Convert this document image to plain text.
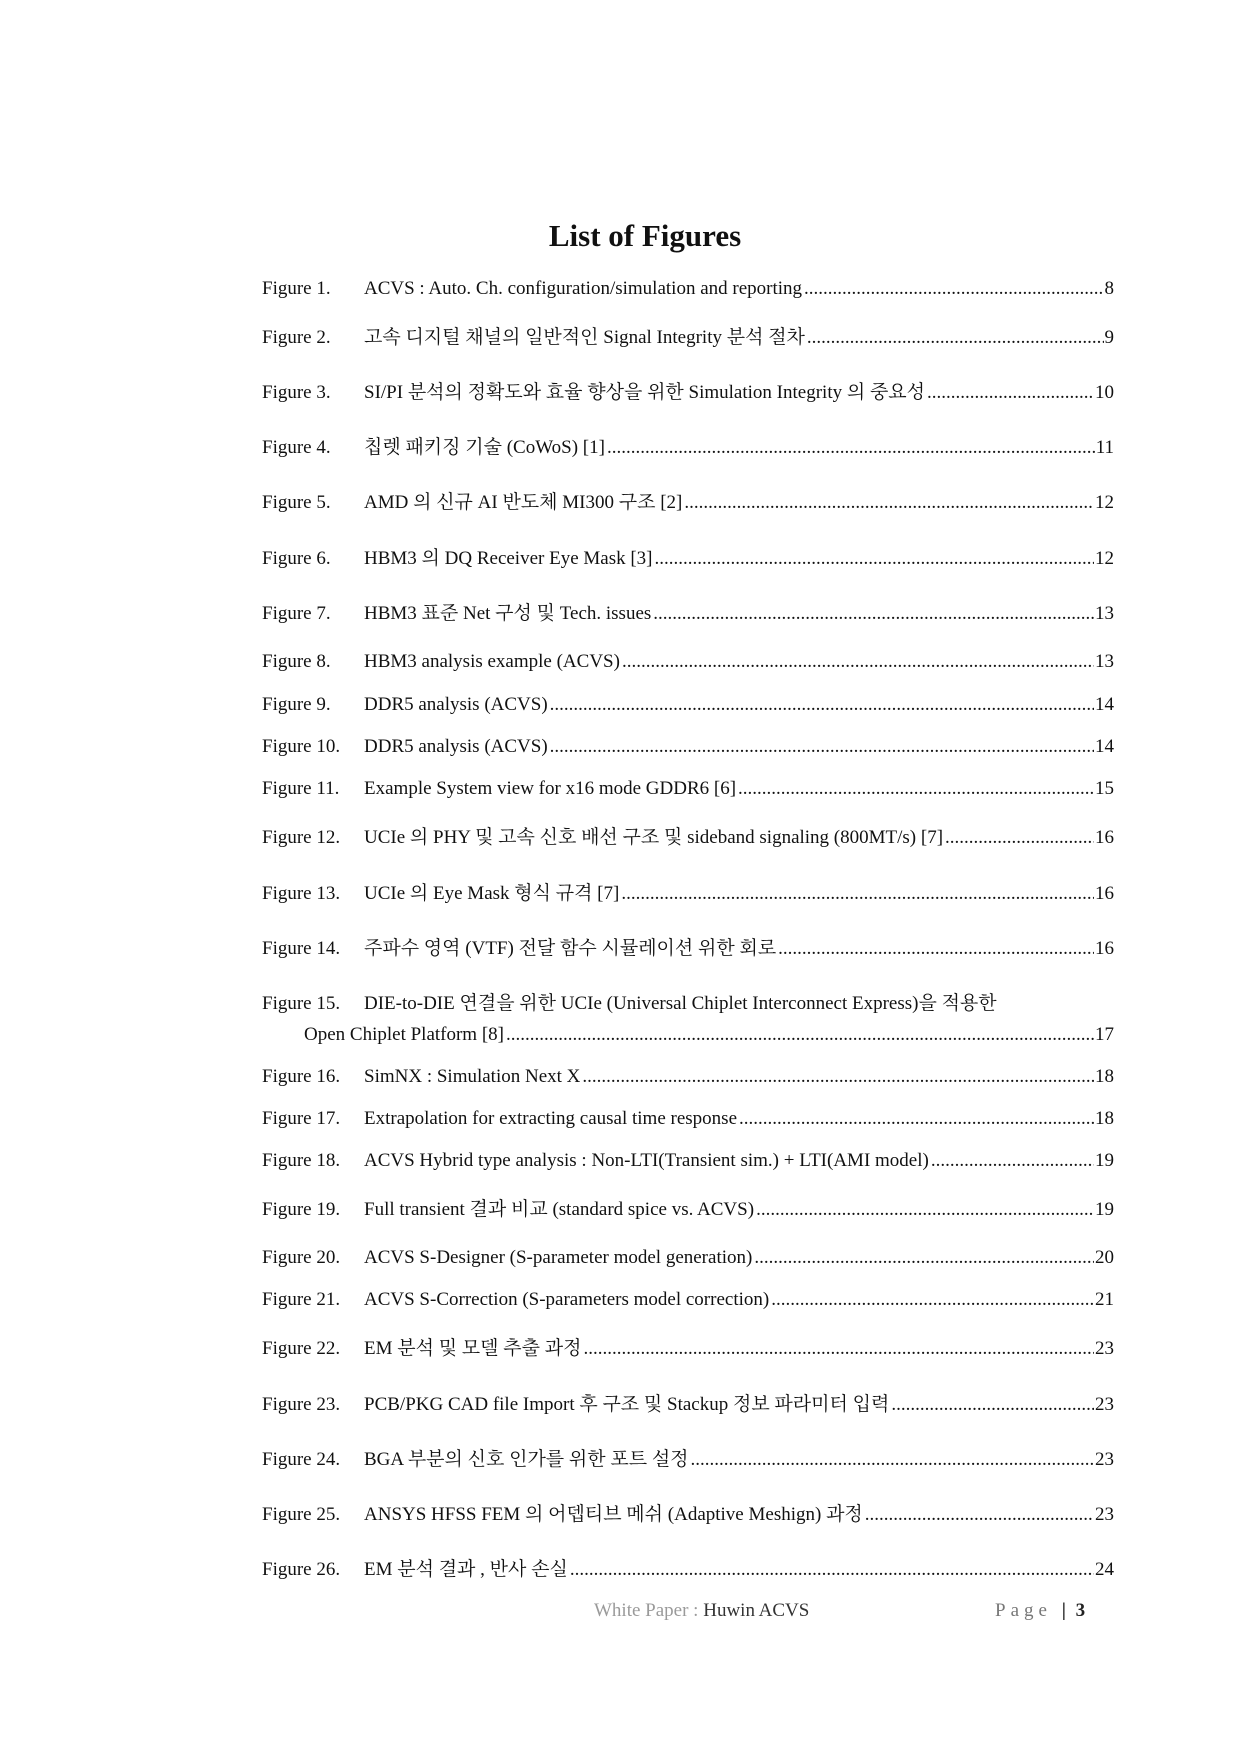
List of Figures
Figure 1.	ACVS : Auto. Ch. configuration/simulation and reporting .....	8
Figure 2.	고속 디지털 채널의 일반적인 Signal Integrity 분석 절차 .....	9
Figure 3.	SI/PI 분석의 정확도와 효율 향상을 위한 Simulation Integrity 의 중요성 .....	10
Figure 4.	칩렛 패키징 기술 (CoWoS) [1] .....	11
Figure 5.	AMD 의 신규 AI 반도체 MI300 구조 [2] .....	12
Figure 6.	HBM3 의 DQ Receiver Eye Mask [3] .....	12
Figure 7.	HBM3 표준 Net 구성 및 Tech. issues .....	13
Figure 8.	HBM3 analysis example (ACVS) .....	13
Figure 9.	DDR5 analysis (ACVS) .....	14
Figure 10.	DDR5 analysis (ACVS) .....	14
Figure 11.	Example System view for x16 mode GDDR6 [6] .....	15
Figure 12.	UCIe 의 PHY 및 고속 신호 배선 구조 및 sideband signaling (800MT/s) [7] .....	16
Figure 13.	UCIe 의 Eye Mask 형식 규격 [7] .....	16
Figure 14.	주파수 영역 (VTF) 전달 함수 시뮬레이션 위한 회로 .....	16
Figure 15.	DIE-to-DIE 연결을 위한 UCIe (Universal Chiplet Interconnect Express)을 적용한
Open Chiplet Platform [8] .....	17
Figure 16.	SimNX : Simulation Next X .....	18
Figure 17.	Extrapolation for extracting causal time response .....	18
Figure 18.	ACVS Hybrid type analysis : Non-LTI(Transient sim.) + LTI(AMI model) .....	19
Figure 19.	Full transient 결과 비교 (standard spice vs. ACVS) .....	19
Figure 20.	ACVS S-Designer (S-parameter model generation) .....	20
Figure 21.	ACVS S-Correction (S-parameters model correction) .....	21
Figure 22.	EM 분석 및 모델 추출 과정 .....	23
Figure 23.	PCB/PKG CAD file Import 후 구조 및 Stackup 정보 파라미터 입력 .....	23
Figure 24.	BGA 부분의 신호 인가를 위한 포트 설정 .....	23
Figure 25.	ANSYS HFSS FEM 의 어뎁티브 메쉬 (Adaptive Meshign) 과정 .....	23
Figure 26.	EM 분석 결과 , 반사 손실 .....	24
White Paper : Huwin ACVS	Page | 3
